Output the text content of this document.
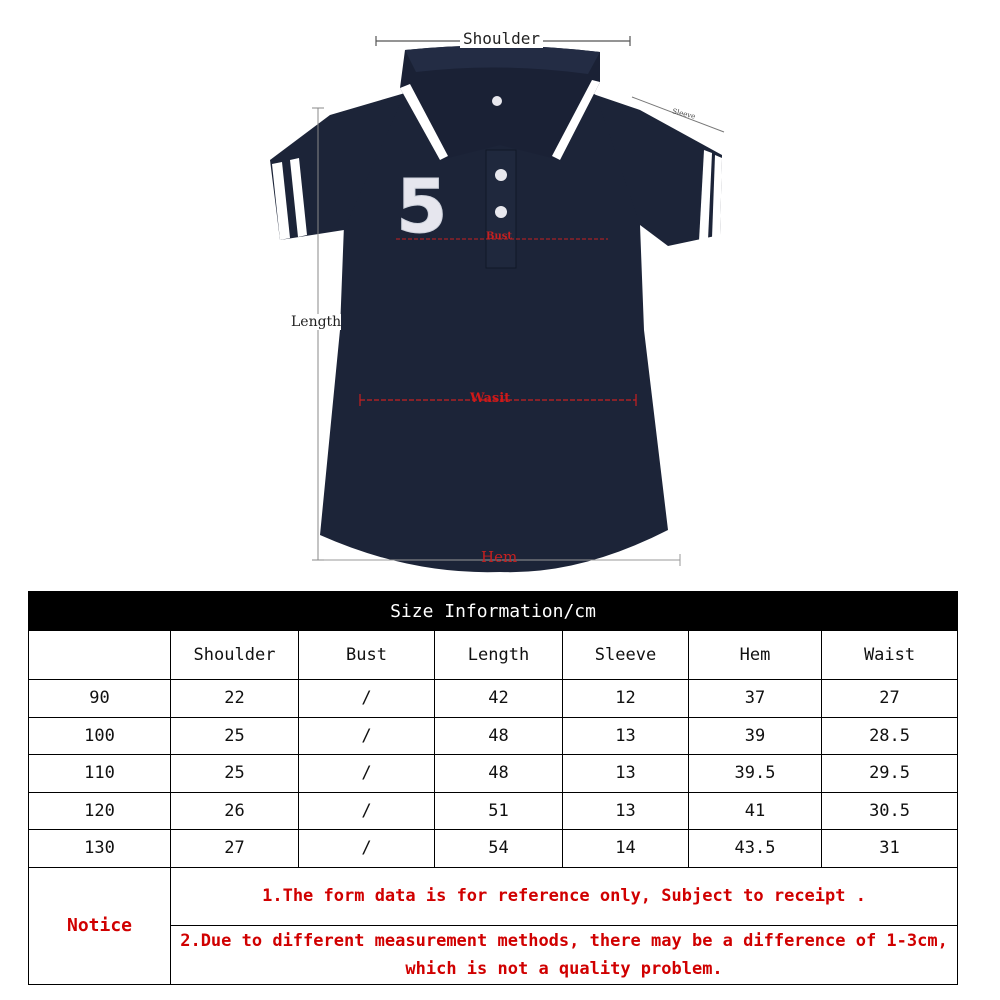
5
Shoulder
Sleeve
Length
Bust
Wasit
Hem
Size Information/cm						
	Shoulder	Bust	Length	Sleeve	Hem	Waist
90	22	/	42	12	37	27
100	25	/	48	13	39	28.5
110	25	/	48	13	39.5	29.5
120	26	/	51	13	41	30.5
130	27	/	54	14	43.5	31
Notice	1.The form data is for reference only, Subject to receipt .					
	2.Due to different measurement methods, there may be a difference of 1-3cm, which is not a quality problem.					
